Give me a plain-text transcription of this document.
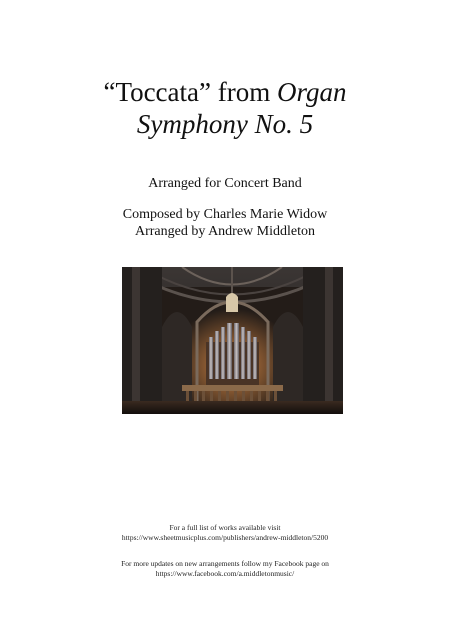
“Toccata” from Organ
Symphony No. 5
Arranged for Concert Band
Composed by Charles Marie Widow
Arranged by Andrew Middleton
For a full list of works available visit
https://www.sheetmusicplus.com/publishers/andrew-middleton/5200
For more updates on new arrangements follow my Facebook page on
https://www.facebook.com/a.middletonmusic/
